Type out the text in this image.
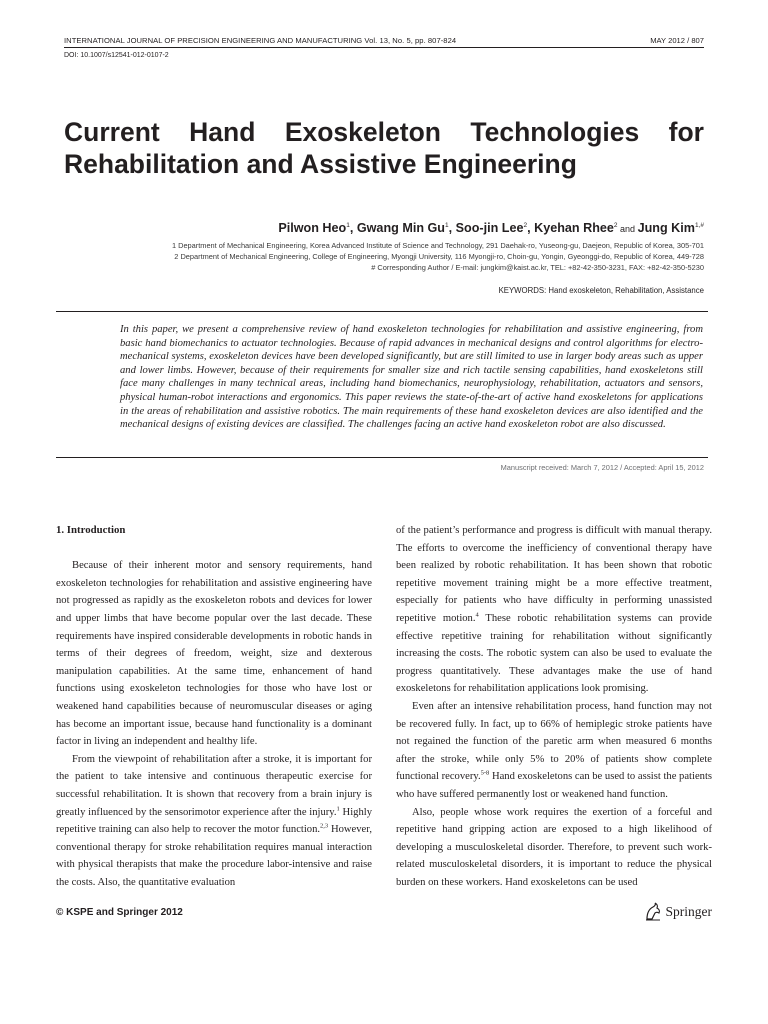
INTERNATIONAL JOURNAL OF PRECISION ENGINEERING AND MANUFACTURING Vol. 13, No. 5, pp. 807-824	MAY 2012 / 807
DOI: 10.1007/s12541-012-0107-2
Current Hand Exoskeleton Technologies for
Rehabilitation and Assistive Engineering
Pilwon Heo$^1$, Gwang Min Gu$^1$, Soo-jin Lee$^2$, Kyehan Rhee$^2$ and Jung Kim$^{1,\#}$
1 Department of Mechanical Engineering, Korea Advanced Institute of Science and Technology, 291 Daehak-ro, Yuseong-gu, Daejeon, Republic of Korea, 305-701
2 Department of Mechanical Engineering, College of Engineering, Myongji University, 116 Myongji-ro, Choin-gu, Yongin, Gyeonggi-do, Republic of Korea, 449-728
# Corresponding Author / E-mail: jungkim@kaist.ac.kr, TEL: +82-42-350-3231, FAX: +82-42-350-5230
KEYWORDS: Hand exoskeleton, Rehabilitation, Assistance
In this paper, we present a comprehensive review of hand exoskeleton technologies for rehabilitation and assistive engineering, from basic hand biomechanics to actuator technologies. Because of rapid advances in mechanical designs and control algorithms for electro-mechanical systems, exoskeleton devices have been developed significantly, but are still limited to use in larger body areas such as upper and lower limbs. However, because of their requirements for smaller size and rich tactile sensing capabilities, hand exoskeletons still face many challenges in many technical areas, including hand biomechanics, neurophysiology, rehabilitation, actuators and sensors, physical human-robot interactions and ergonomics. This paper reviews the state-of-the-art of active hand exoskeletons for applications in the areas of rehabilitation and assistive robotics. The main requirements of these hand exoskeleton devices are also identified and the mechanical designs of existing devices are classified. The challenges facing an active hand exoskeleton robot are also discussed.
Manuscript received: March 7, 2012 / Accepted: April 15, 2012
1. Introduction

Because of their inherent motor and sensory requirements, hand exoskeleton technologies for rehabilitation and assistive engineering have not progressed as rapidly as the exoskeleton robots and devices for lower and upper limbs that have become popular over the last decade. These requirements have inspired considerable developments in robotic hands in terms of their degrees of freedom, weight, size and dexterous manipulation capabilities. At the same time, enhancement of hand functions using exoskeleton technologies for those who have lost or weakened hand capabilities because of neuromuscular diseases or aging has become an important issue, because hand functionality is a dominant factor in living an independent and healthy life.

From the viewpoint of rehabilitation after a stroke, it is important for the patient to take intensive and continuous therapeutic exercise for successful rehabilitation. It is shown that recovery from a brain injury is greatly influenced by the sensorimotor experience after the injury.$^1$ Highly repetitive training can also help to recover the motor function.$^{2,3}$ However, conventional therapy for stroke rehabilitation requires manual interaction with physical therapists that make the procedure labor-intensive and raise the costs. Also, the quantitative evaluation

of the patient’s performance and progress is difficult with manual therapy. The efforts to overcome the inefficiency of conventional therapy have been realized by robotic rehabilitation. It has been shown that robotic repetitive movement training might be a more effective treatment, especially for patients who have difficulty in performing unassisted repetitive motion.$^4$ These robotic rehabilitation systems can provide effective repetitive training for rehabilitation without significantly increasing the costs. The robotic system can also be used to evaluate the progress quantitatively. These advantages make the use of hand exoskeletons for rehabilitation applications look promising.

Even after an intensive rehabilitation process, hand function may not be recovered fully. In fact, up to 66% of hemiplegic stroke patients have not regained the function of the paretic arm when measured 6 months after the stroke, while only 5% to 20% of patients show complete functional recovery.$^{5-8}$ Hand exoskeletons can be used to assist the patients who have suffered permanently lost or weakened hand function.

Also, people whose work requires the exertion of a forceful and repetitive hand gripping action are exposed to a high likelihood of developing a musculoskeletal disorder. Therefore, to prevent such work-related musculoskeletal disorders, it is important to reduce the physical burden on these workers. Hand exoskeletons can be used

© KSPE and Springer 2012	Springer
